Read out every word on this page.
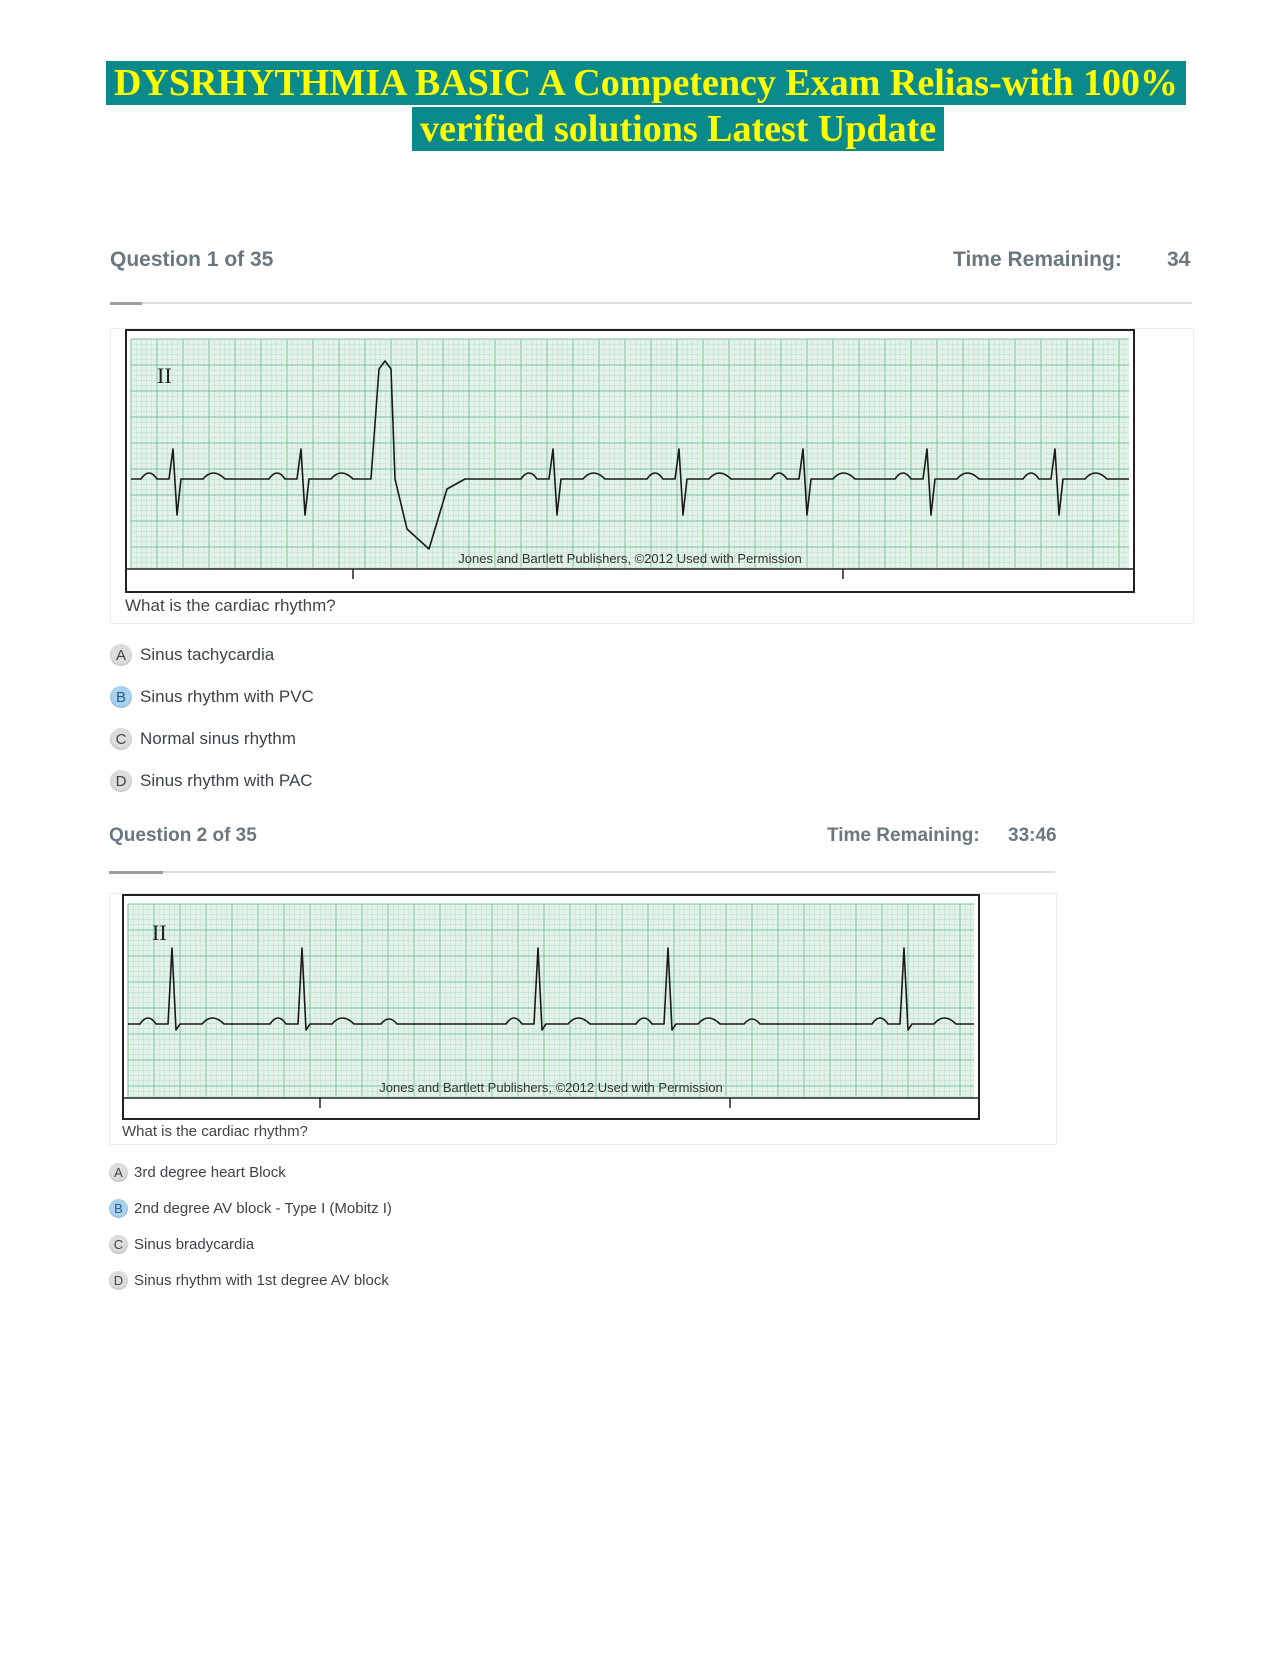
DYSRHYTHMIA BASIC A Competency Exam Relias-with 100%
verified solutions Latest Update
Question 1 of 35	Time Remaining: 34
II
Jones and Bartlett Publishers, ©2012 Used with Permission
What is the cardiac rhythm?
A Sinus tachycardia
B Sinus rhythm with PVC
C Normal sinus rhythm
D Sinus rhythm with PAC
Question 2 of 35	Time Remaining: 33:46
II
Jones and Bartlett Publishers, ©2012 Used with Permission
What is the cardiac rhythm?
A 3rd degree heart Block
B 2nd degree AV block - Type I (Mobitz I)
C Sinus bradycardia
D Sinus rhythm with 1st degree AV block
